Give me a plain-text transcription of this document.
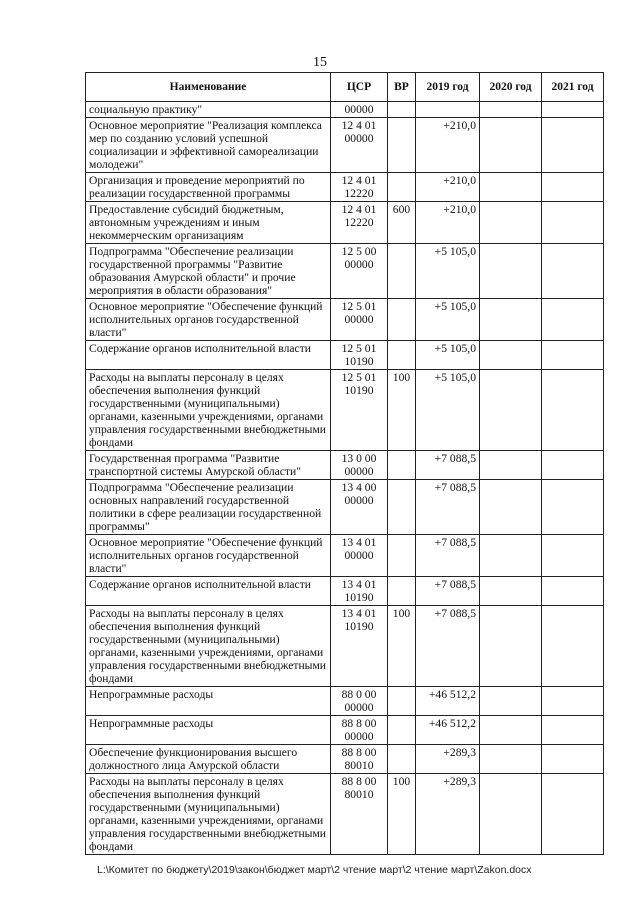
15
Наименование	ЦСР	ВР	2019 год	2020 год	2021 год
социальную практику"	00000				
Основное мероприятие "Реализация комплекса мер по созданию условий успешной социализации и эффективной самореализации молодежи"	12 4 01 00000		+210,0		
Организация и проведение мероприятий по реализации государственной программы	12 4 01 12220		+210,0		
Предоставление субсидий бюджетным, автономным учреждениям и иным некоммерческим организациям	12 4 01 12220	600	+210,0		
Подпрограмма "Обеспечение реализации государственной программы "Развитие образования Амурской области" и прочие мероприятия в области образования"	12 5 00 00000		+5 105,0		
Основное мероприятие "Обеспечение функций исполнительных органов государственной власти"	12 5 01 00000		+5 105,0		
Содержание органов исполнительной власти	12 5 01 10190		+5 105,0		
Расходы на выплаты персоналу в целях обеспечения выполнения функций государственными (муниципальными) органами, казенными учреждениями, органами управления государственными внебюджетными фондами	12 5 01 10190	100	+5 105,0		
Государственная программа "Развитие транспортной системы Амурской области"	13 0 00 00000		+7 088,5		
Подпрограмма "Обеспечение реализации основных направлений государственной политики в сфере реализации государственной программы"	13 4 00 00000		+7 088,5		
Основное мероприятие "Обеспечение функций исполнительных органов государственной власти"	13 4 01 00000		+7 088,5		
Содержание органов исполнительной власти	13 4 01 10190		+7 088,5		
Расходы на выплаты персоналу в целях обеспечения выполнения функций государственными (муниципальными) органами, казенными учреждениями, органами управления государственными внебюджетными фондами	13 4 01 10190	100	+7 088,5		
Непрограммные расходы	88 0 00 00000		+46 512,2		
Непрограммные расходы	88 8 00 00000		+46 512,2		
Обеспечение функционирования высшего должностного лица Амурской области	88 8 00 80010		+289,3		
Расходы на выплаты персоналу в целях обеспечения выполнения функций государственными (муниципальными) органами, казенными учреждениями, органами управления государственными внебюджетными фондами	88 8 00 80010	100	+289,3		
L:\Комитет по бюджету\2019\закон\бюджет март\2 чтение март\2 чтение март\Zakon.docx
